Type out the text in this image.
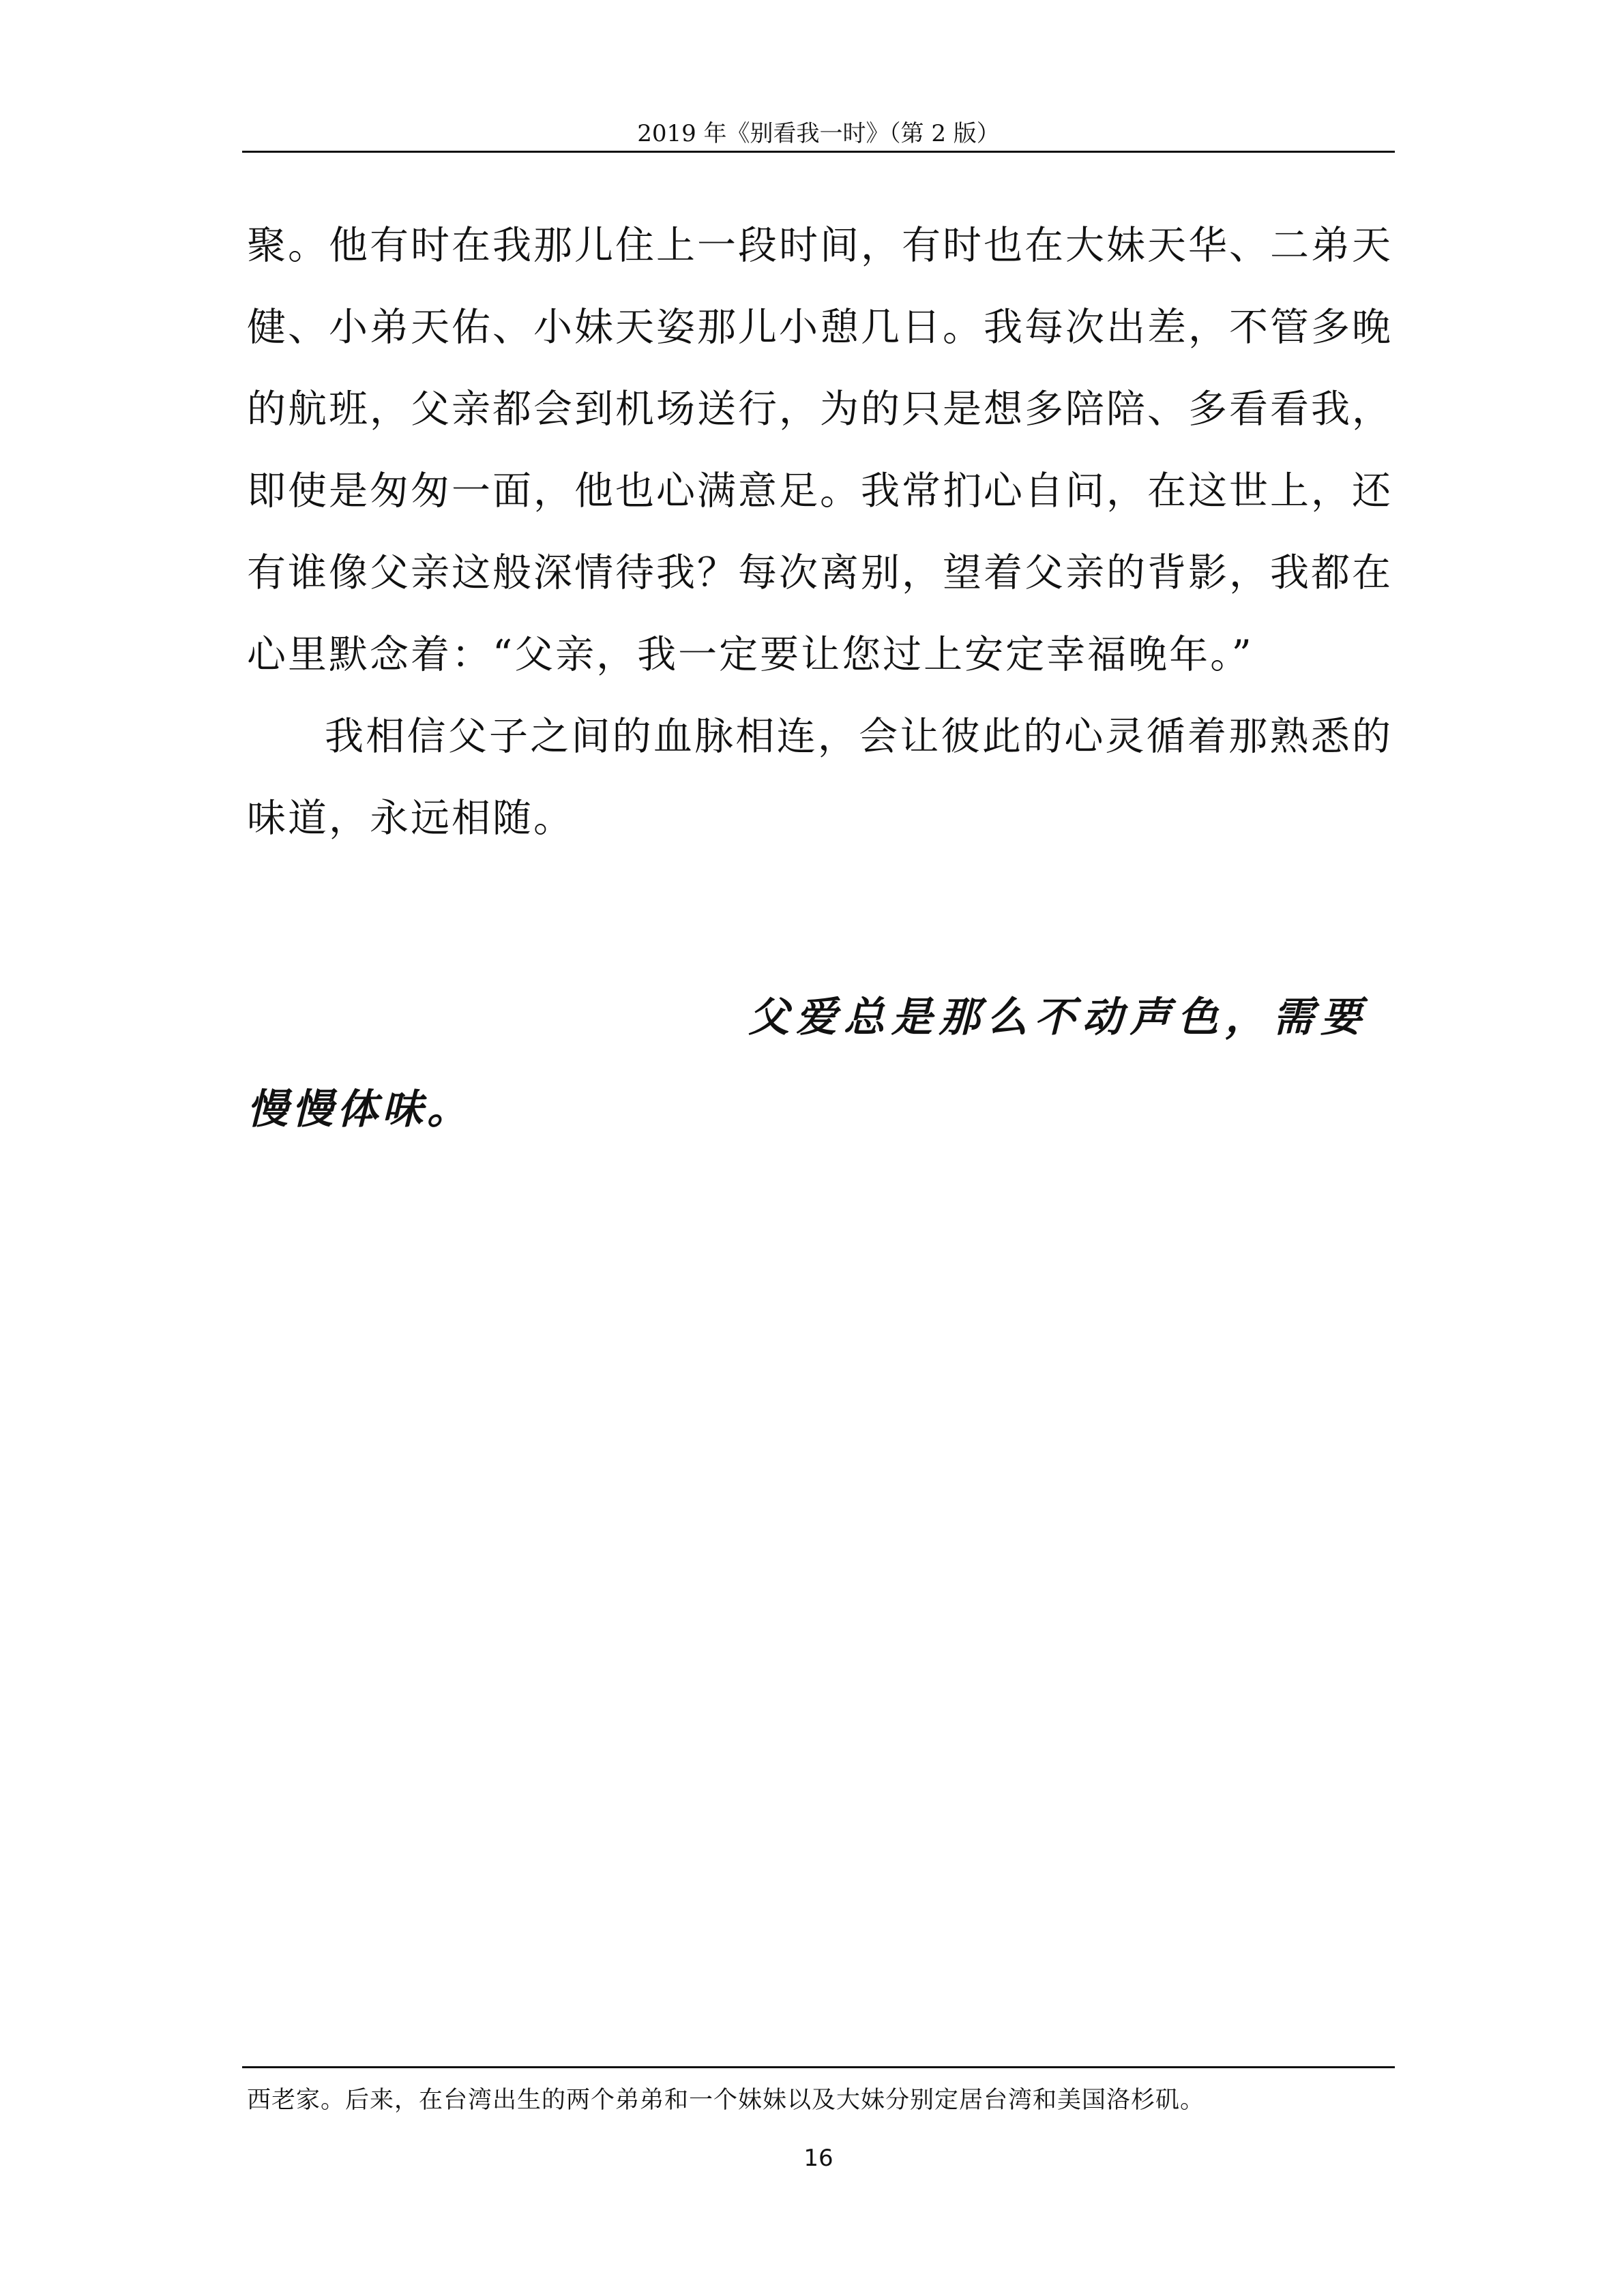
2019 年《别看我一时》（第 2 版）

聚。他有时在我那儿住上一段时间，有时也在大妹天华、二弟天健、小弟天佑、小妹天姿那儿小憩几日。我每次出差，不管多晚的航班，父亲都会到机场送行，为的只是想多陪陪、多看看我，即使是匆匆一面，他也心满意足。我常扪心自问，在这世上，还有谁像父亲这般深情待我？每次离别，望着父亲的背影，我都在心里默念着：“父亲，我一定要让您过上安定幸福晚年。”

我相信父子之间的血脉相连，会让彼此的心灵循着那熟悉的味道，永远相随。

父爱总是那么不动声色，需要慢慢体味。
西老家。后来，在台湾出生的两个弟弟和一个妹妹以及大妹分别定居台湾和美国洛杉矶。
16
